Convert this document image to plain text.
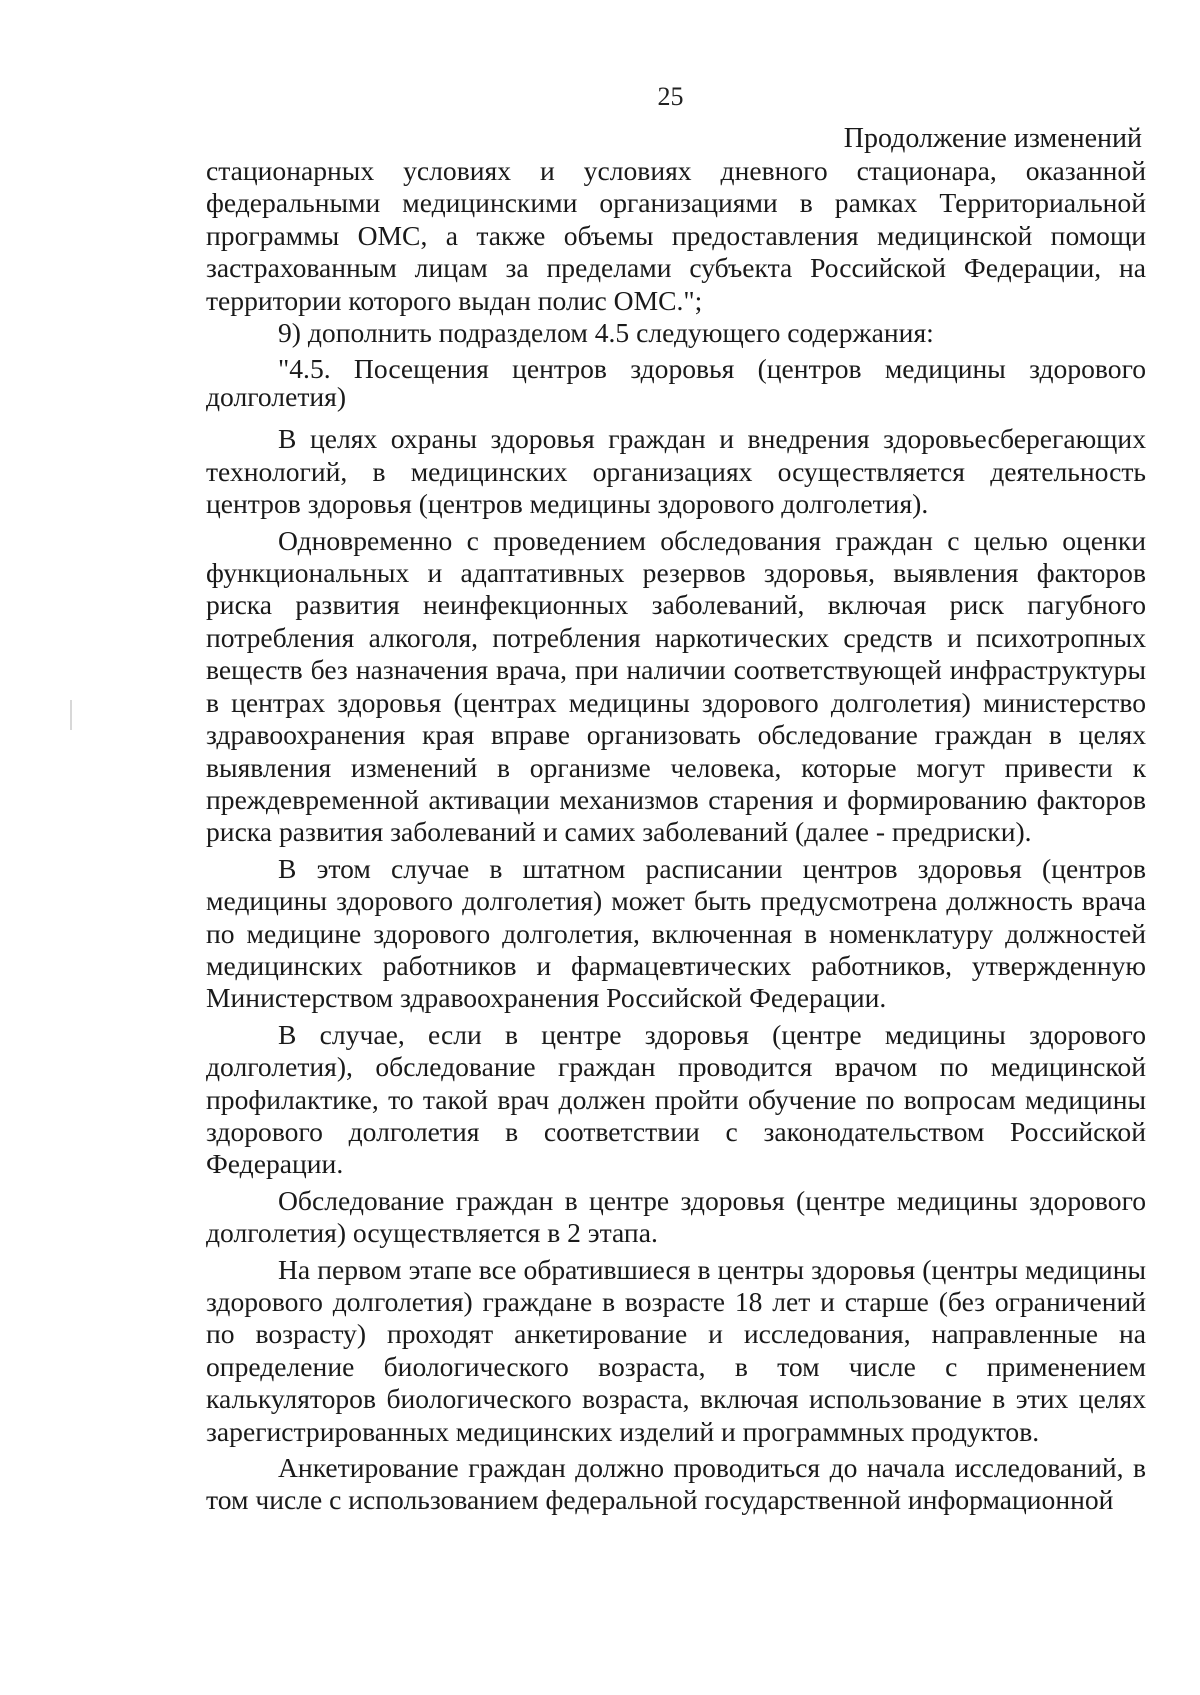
25
Продолжение изменений

стационарных условиях и условиях дневного стационара, оказанной федеральными медицинскими организациями в рамках Территориальной программы ОМС, а также объемы предоставления медицинской помощи застрахованным лицам за пределами субъекта Российской Федерации, на территории которого выдан полис ОМС.";

9) дополнить подразделом 4.5 следующего содержания:

"4.5. Посещения центров здоровья (центров медицины здорового долголетия)

В целях охраны здоровья граждан и внедрения здоровьесберегающих технологий, в медицинских организациях осуществляется деятельность центров здоровья (центров медицины здорового долголетия).

Одновременно с проведением обследования граждан с целью оценки функциональных и адаптативных резервов здоровья, выявления факторов риска развития неинфекционных заболеваний, включая риск пагубного потребления алкоголя, потребления наркотических средств и психотропных веществ без назначения врача, при наличии соответствующей инфраструктуры в центрах здоровья (центрах медицины здорового долголетия) министерство здравоохранения края вправе организовать обследование граждан в целях выявления изменений в организме человека, которые могут привести к преждевременной активации механизмов старения и формированию факторов риска развития заболеваний и самих заболеваний (далее - предриски).

В этом случае в штатном расписании центров здоровья (центров медицины здорового долголетия) может быть предусмотрена должность врача по медицине здорового долголетия, включенная в номенклатуру должностей медицинских работников и фармацевтических работников, утвержденную Министерством здравоохранения Российской Федерации.

В случае, если в центре здоровья (центре медицины здорового долголетия), обследование граждан проводится врачом по медицинской профилактике, то такой врач должен пройти обучение по вопросам медицины здорового долголетия в соответствии с законодательством Российской Федерации.

Обследование граждан в центре здоровья (центре медицины здорового долголетия) осуществляется в 2 этапа.

На первом этапе все обратившиеся в центры здоровья (центры медицины здорового долголетия) граждане в возрасте 18 лет и старше (без ограничений по возрасту) проходят анкетирование и исследования, направленные на определение биологического возраста, в том числе с применением калькуляторов биологического возраста, включая использование в этих целях зарегистрированных медицинских изделий и программных продуктов.

Анкетирование граждан должно проводиться до начала исследований, в том числе с использованием федеральной государственной информационной
